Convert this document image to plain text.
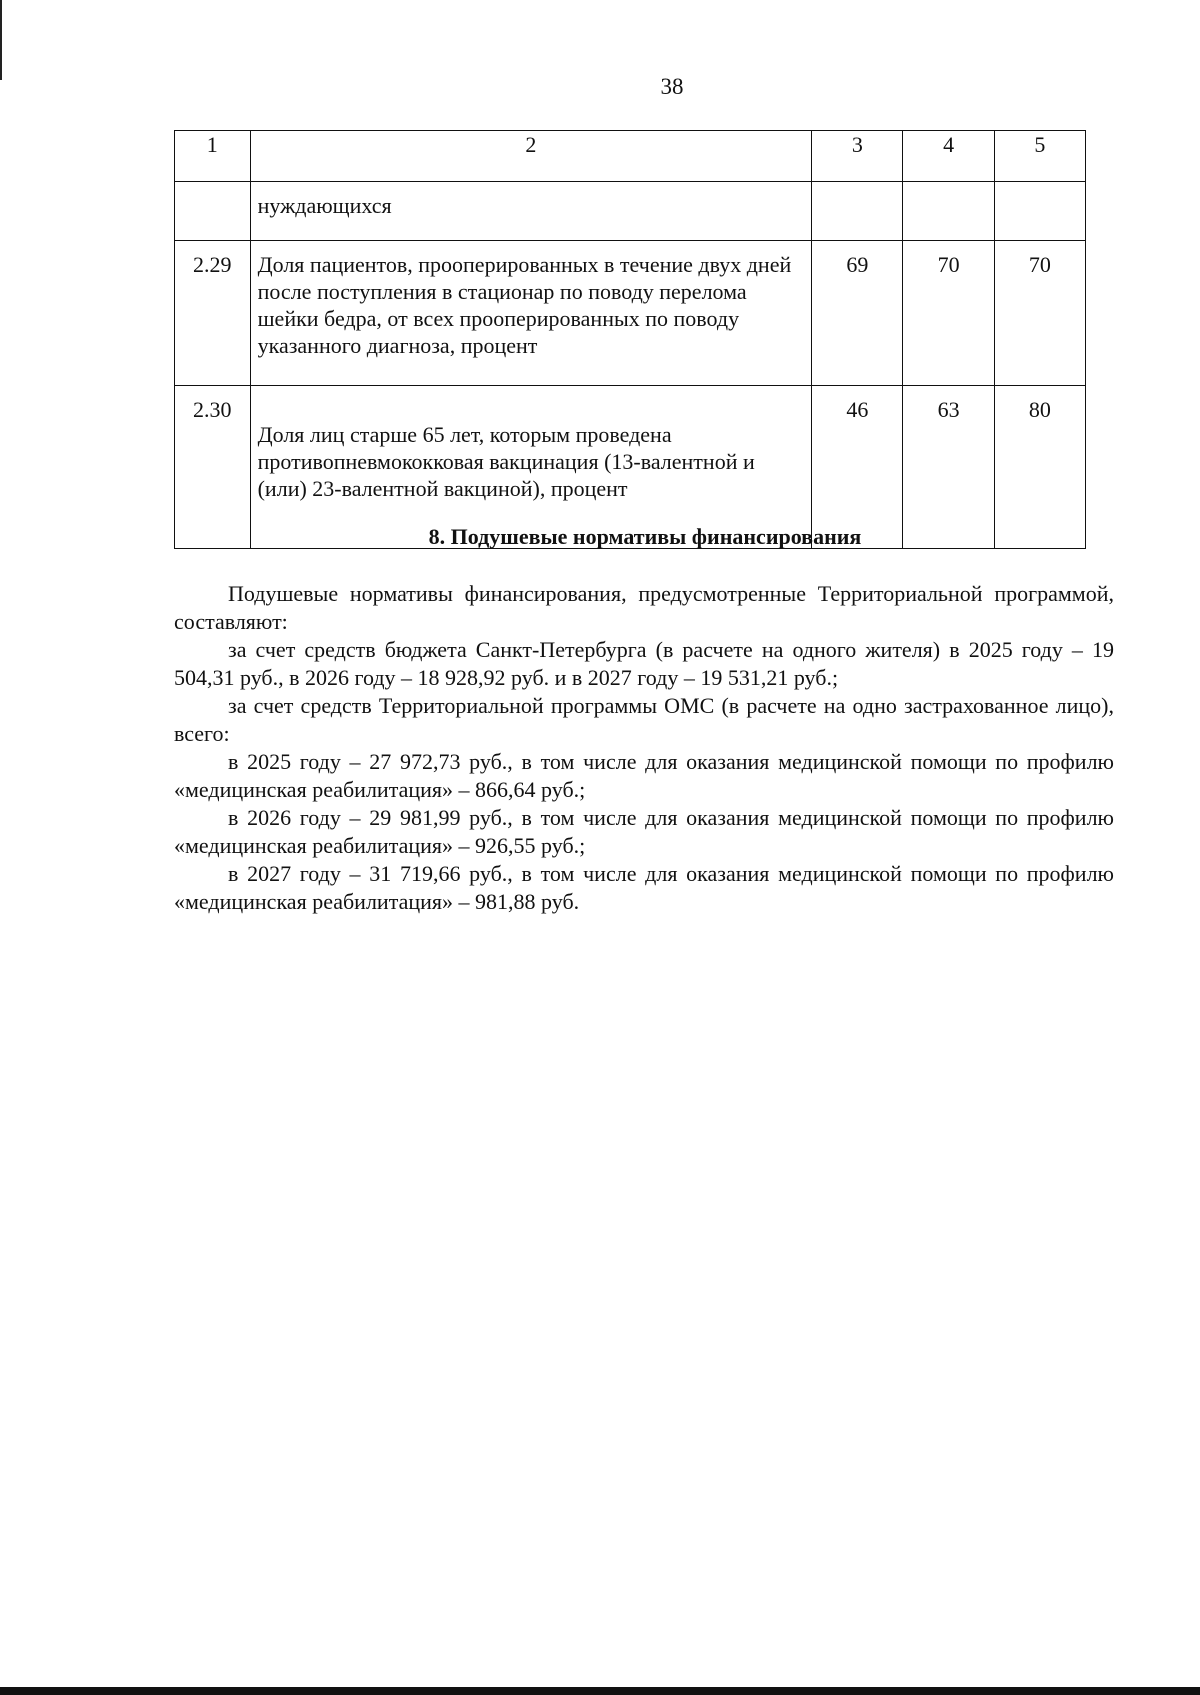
38
1	2	3	4	5
	нуждающихся			
2.29	Доля пациентов, прооперированных в течение двух дней после поступления в стационар по поводу перелома шейки бедра, от всех прооперированных по поводу указанного диагноза, процент	69	70	70
2.30	Доля лиц старше 65 лет, которым проведена противопневмококковая вакцинация (13-валентной и (или) 23-валентной вакциной), процент	46	63	80
8. Подушевые нормативы финансирования

Подушевые нормативы финансирования, предусмотренные Территориальной программой, составляют:

за счет средств бюджета Санкт-Петербурга (в расчете на одного жителя) в 2025 году – 19 504,31 руб., в 2026 году – 18 928,92 руб. и в 2027 году – 19 531,21 руб.;

за счет средств Территориальной программы ОМС (в расчете на одно застрахованное лицо), всего:

в 2025 году – 27 972,73 руб., в том числе для оказания медицинской помощи по профилю «медицинская реабилитация» – 866,64 руб.;

в 2026 году – 29 981,99 руб., в том числе для оказания медицинской помощи по профилю «медицинская реабилитация» – 926,55 руб.;

в 2027 году – 31 719,66 руб., в том числе для оказания медицинской помощи по профилю «медицинская реабилитация» – 981,88 руб.
